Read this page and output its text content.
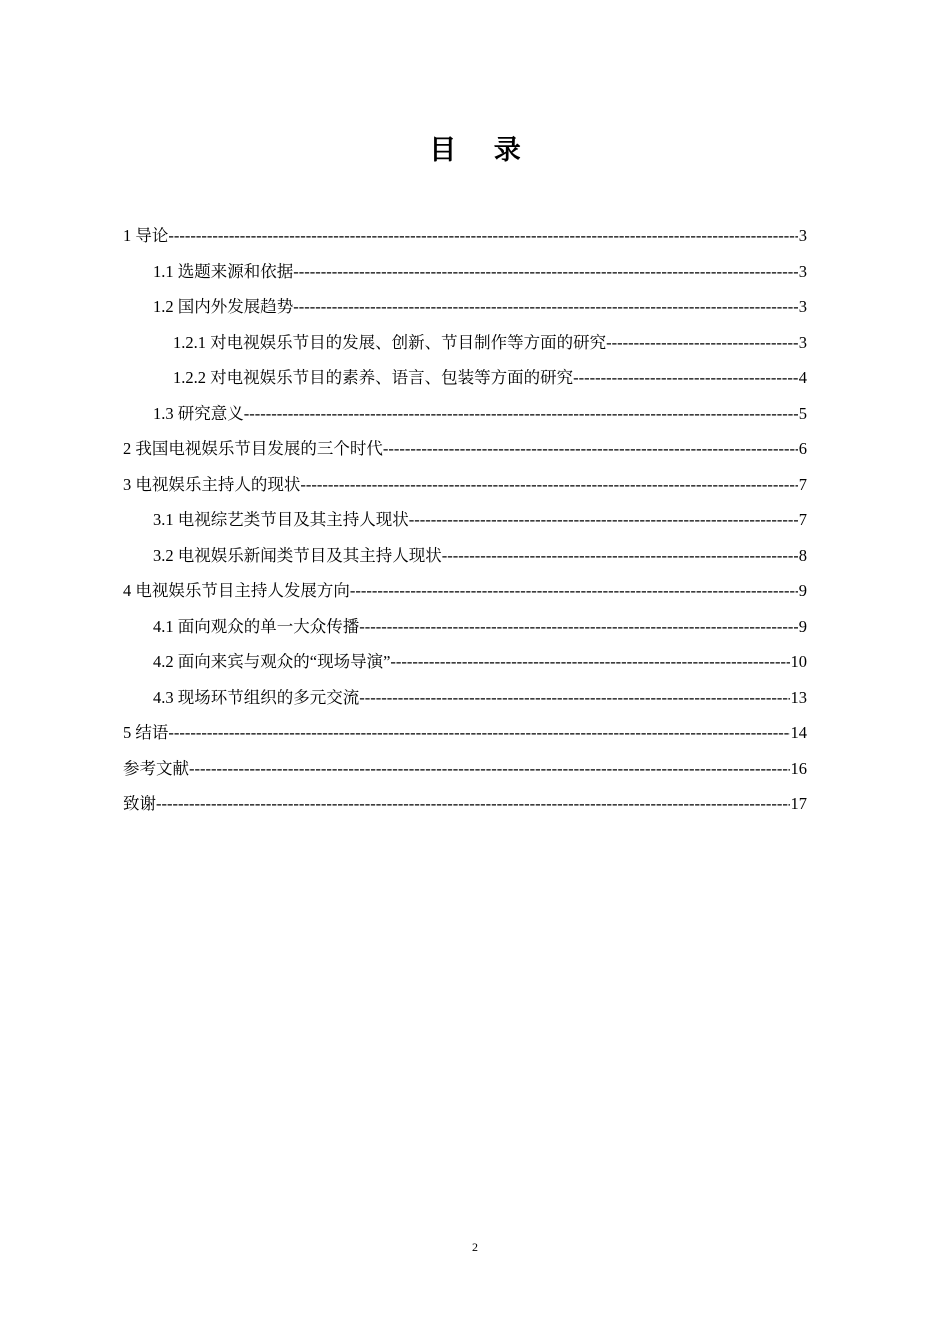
目 录
1 导论 -----	3
1.1 选题来源和依据 -----	3
1.2 国内外发展趋势 -----	3
1.2.1 对电视娱乐节目的发展、创新、节目制作等方面的研究 -----	3
1.2.2 对电视娱乐节目的素养、语言、包装等方面的研究 -----	4
1.3 研究意义 -----	5
2 我国电视娱乐节目发展的三个时代 -----	6
3 电视娱乐主持人的现状 -----	7
3.1 电视综艺类节目及其主持人现状 -----	7
3.2 电视娱乐新闻类节目及其主持人现状 -----	8
4 电视娱乐节目主持人发展方向 -----	9
4.1 面向观众的单一大众传播 -----	9
4.2 面向来宾与观众的“现场导演” -----	10
4.3 现场环节组织的多元交流 -----	13
5 结语 -----	14
参考文献 -----	16
致谢 -----	17
2
